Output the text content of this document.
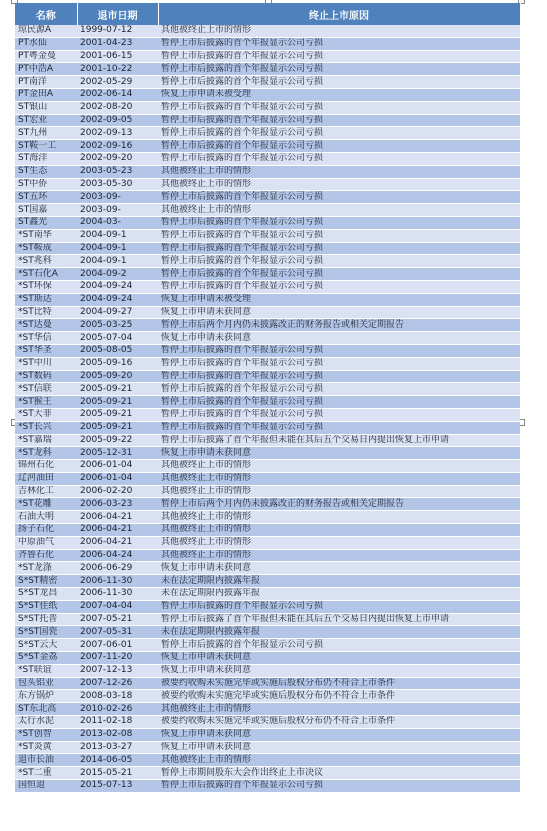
名称	退市日期	终止上市原因
琼民源A	1999-07-12	其他被终止上市的情形
PT水仙	2001-04-23	暂停上市后披露的首个年报显示公司亏损
PT粤金曼	2001-06-15	暂停上市后披露的首个年报显示公司亏损
PT中浩A	2001-10-22	暂停上市后披露的首个年报显示公司亏损
PT南洋	2002-05-29	暂停上市后披露的首个年报显示公司亏损
PT金田A	2002-06-14	恢复上市申请未被受理
ST银山	2002-08-20	暂停上市后披露的首个年报显示公司亏损
ST宏业	2002-09-05	暂停上市后披露的首个年报显示公司亏损
ST九州	2002-09-13	暂停上市后披露的首个年报显示公司亏损
ST鞍一工	2002-09-16	暂停上市后披露的首个年报显示公司亏损
ST海洋	2002-09-20	暂停上市后披露的首个年报显示公司亏损
ST生态	2003-05-23	其他被终止上市的情形
ST中侨	2003-05-30	其他被终止上市的情形
ST五环	2003-09-	暂停上市后披露的首个年报显示公司亏损
ST国嘉	2003-09-	其他被终止上市的情形
ST鑫光	2004-03-	暂停上市后披露的首个年报显示公司亏损
*ST南华	2004-09-1	暂停上市后披露的首个年报显示公司亏损
*ST鞍成	2004-09-1	暂停上市后披露的首个年报显示公司亏损
*ST兆科	2004-09-1	暂停上市后披露的首个年报显示公司亏损
*ST石化A	2004-09-2	暂停上市后披露的首个年报显示公司亏损
*ST环保	2004-09-24	暂停上市后披露的首个年报显示公司亏损
*ST斯达	2004-09-24	恢复上市申请未被受理
*ST比特	2004-09-27	恢复上市申请未获同意
*ST达曼	2005-03-25	暂停上市后两个月内仍未披露改正的财务报告或相关定期报告
*ST华信	2005-07-04	恢复上市申请未获同意
*ST华圣	2005-08-05	暂停上市后披露的首个年报显示公司亏损
*ST中川	2005-09-16	暂停上市后披露的首个年报显示公司亏损
*ST数码	2005-09-20	暂停上市后披露的首个年报显示公司亏损
*ST信联	2005-09-21	暂停上市后披露的首个年报显示公司亏损
*ST猴王	2005-09-21	暂停上市后披露的首个年报显示公司亏损
*ST大菲	2005-09-21	暂停上市后披露的首个年报显示公司亏损
*ST长兴	2005-09-21	暂停上市后披露的首个年报显示公司亏损
*ST嘉瑞	2005-09-22	暂停上市后披露了首个年报但未能在其后五个交易日内提出恢复上市申请
*ST龙科	2005-12-31	恢复上市申请未获同意
锦州石化	2006-01-04	其他被终止上市的情形
辽河油田	2006-01-04	其他被终止上市的情形
吉林化工	2006-02-20	其他被终止上市的情形
*ST花雕	2006-03-23	暂停上市后两个月内仍未披露改正的财务报告或相关定期报告
石油大明	2006-04-21	其他被终止上市的情形
扬子石化	2006-04-21	其他被终止上市的情形
中原油气	2006-04-21	其他被终止上市的情形
齐鲁石化	2006-04-24	其他被终止上市的情形
*ST龙涤	2006-06-29	恢复上市申请未获同意
S*ST精密	2006-11-30	未在法定期限内披露年报
S*ST龙昌	2006-11-30	未在法定期限内披露年报
S*ST佳纸	2007-04-04	暂停上市后披露的首个年报显示公司亏损
S*ST托普	2007-05-21	暂停上市后披露了首个年报但未能在其后五个交易日内提出恢复上市申请
S*ST国瓷	2007-05-31	未在法定期限内披露年报
S*ST云大	2007-06-01	暂停上市后披露的首个年报显示公司亏损
S*ST金荔	2007-11-20	恢复上市申请未获同意
*ST联谊	2007-12-13	恢复上市申请未获同意
包头铝业	2007-12-26	被要约收购未实施完毕或实施后股权分布仍不符合上市条件
东方锅炉	2008-03-18	被要约收购未实施完毕或实施后股权分布仍不符合上市条件
ST东北高	2010-02-26	其他被终止上市的情形
太行水泥	2011-02-18	被要约收购未实施完毕或实施后股权分布仍不符合上市条件
*ST创智	2013-02-08	恢复上市申请未获同意
*ST炎黄	2013-03-27	恢复上市申请未获同意
退市长油	2014-06-05	其他被终止上市的情形
*ST二重	2015-05-21	暂停上市期间股东大会作出终止上市决议
国恒退	2015-07-13	暂停上市后披露的首个年报显示公司亏损
